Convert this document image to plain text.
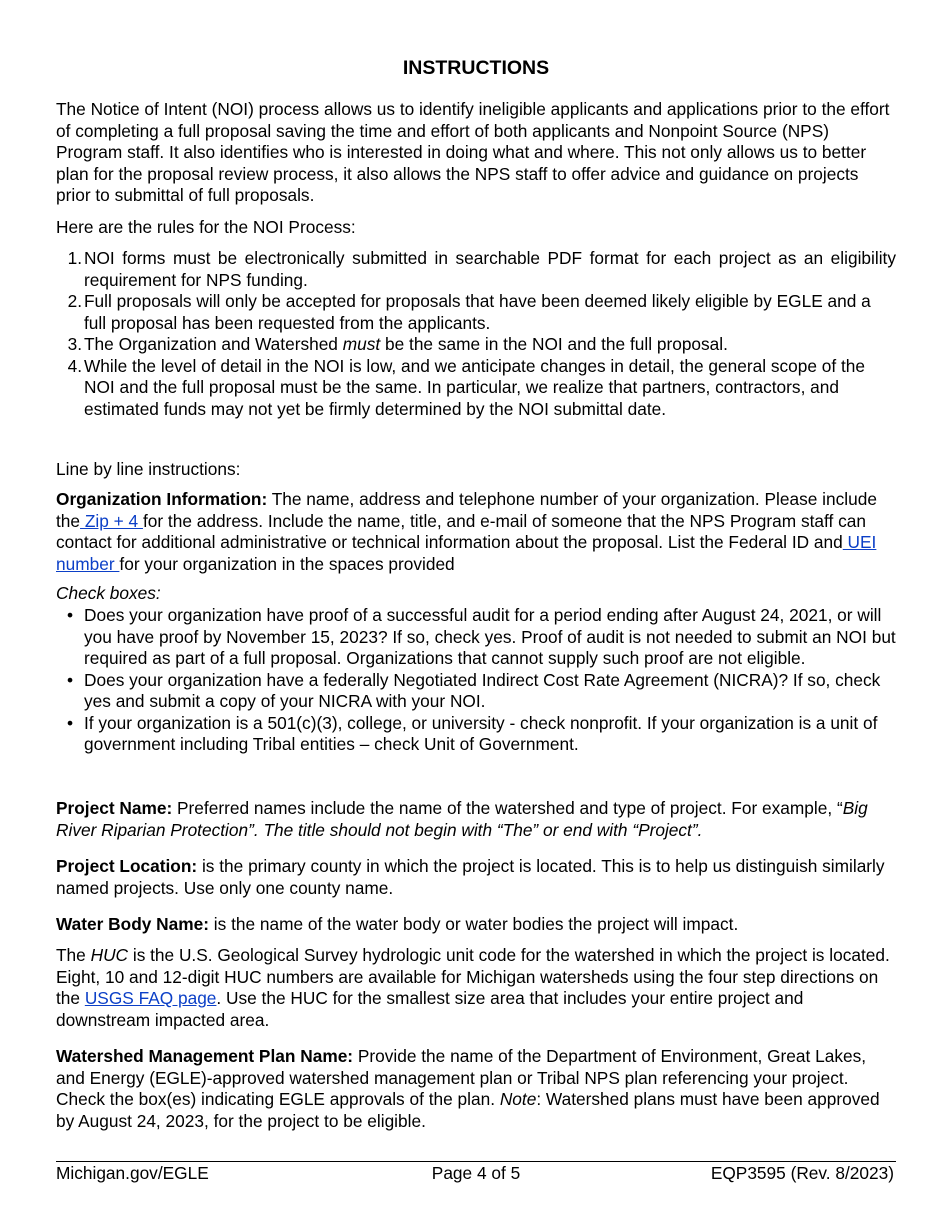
INSTRUCTIONS

The Notice of Intent (NOI) process allows us to identify ineligible applicants and applications prior to the effort of completing a full proposal saving the time and effort of both applicants and Nonpoint Source (NPS) Program staff. It also identifies who is interested in doing what and where. This not only allows us to better plan for the proposal review process, it also allows the NPS staff to offer advice and guidance on projects prior to submittal of full proposals.

Here are the rules for the NOI Process:

1. NOI forms must be electronically submitted in searchable PDF format for each project as an eligibility requirement for NPS funding.
2. Full proposals will only be accepted for proposals that have been deemed likely eligible by EGLE and a full proposal has been requested from the applicants.
3. The Organization and Watershed must be the same in the NOI and the full proposal.
4. While the level of detail in the NOI is low, and we anticipate changes in detail, the general scope of the NOI and the full proposal must be the same. In particular, we realize that partners, contractors, and estimated funds may not yet be firmly determined by the NOI submittal date.

Line by line instructions:

Organization Information: The name, address and telephone number of your organization. Please include the Zip + 4 for the address. Include the name, title, and e-mail of someone that the NPS Program staff can contact for additional administrative or technical information about the proposal. List the Federal ID and UEI number for your organization in the spaces provided

Check boxes:

• Does your organization have proof of a successful audit for a period ending after August 24, 2021, or will you have proof by November 15, 2023? If so, check yes. Proof of audit is not needed to submit an NOI but required as part of a full proposal. Organizations that cannot supply such proof are not eligible.
• Does your organization have a federally Negotiated Indirect Cost Rate Agreement (NICRA)? If so, check yes and submit a copy of your NICRA with your NOI.
• If your organization is a 501(c)(3), college, or university - check nonprofit. If your organization is a unit of government including Tribal entities – check Unit of Government.

Project Name: Preferred names include the name of the watershed and type of project. For example, “Big River Riparian Protection”. The title should not begin with “The” or end with “Project”.

Project Location: is the primary county in which the project is located. This is to help us distinguish similarly named projects. Use only one county name.

Water Body Name: is the name of the water body or water bodies the project will impact.

The HUC is the U.S. Geological Survey hydrologic unit code for the watershed in which the project is located. Eight, 10 and 12-digit HUC numbers are available for Michigan watersheds using the four step directions on the USGS FAQ page. Use the HUC for the smallest size area that includes your entire project and downstream impacted area.

Watershed Management Plan Name: Provide the name of the Department of Environment, Great Lakes, and Energy (EGLE)-approved watershed management plan or Tribal NPS plan referencing your project. Check the box(es) indicating EGLE approvals of the plan. Note: Watershed plans must have been approved by August 24, 2023, for the project to be eligible.

Michigan.gov/EGLE	Page 4 of 5	EQP3595 (Rev. 8/2023)
